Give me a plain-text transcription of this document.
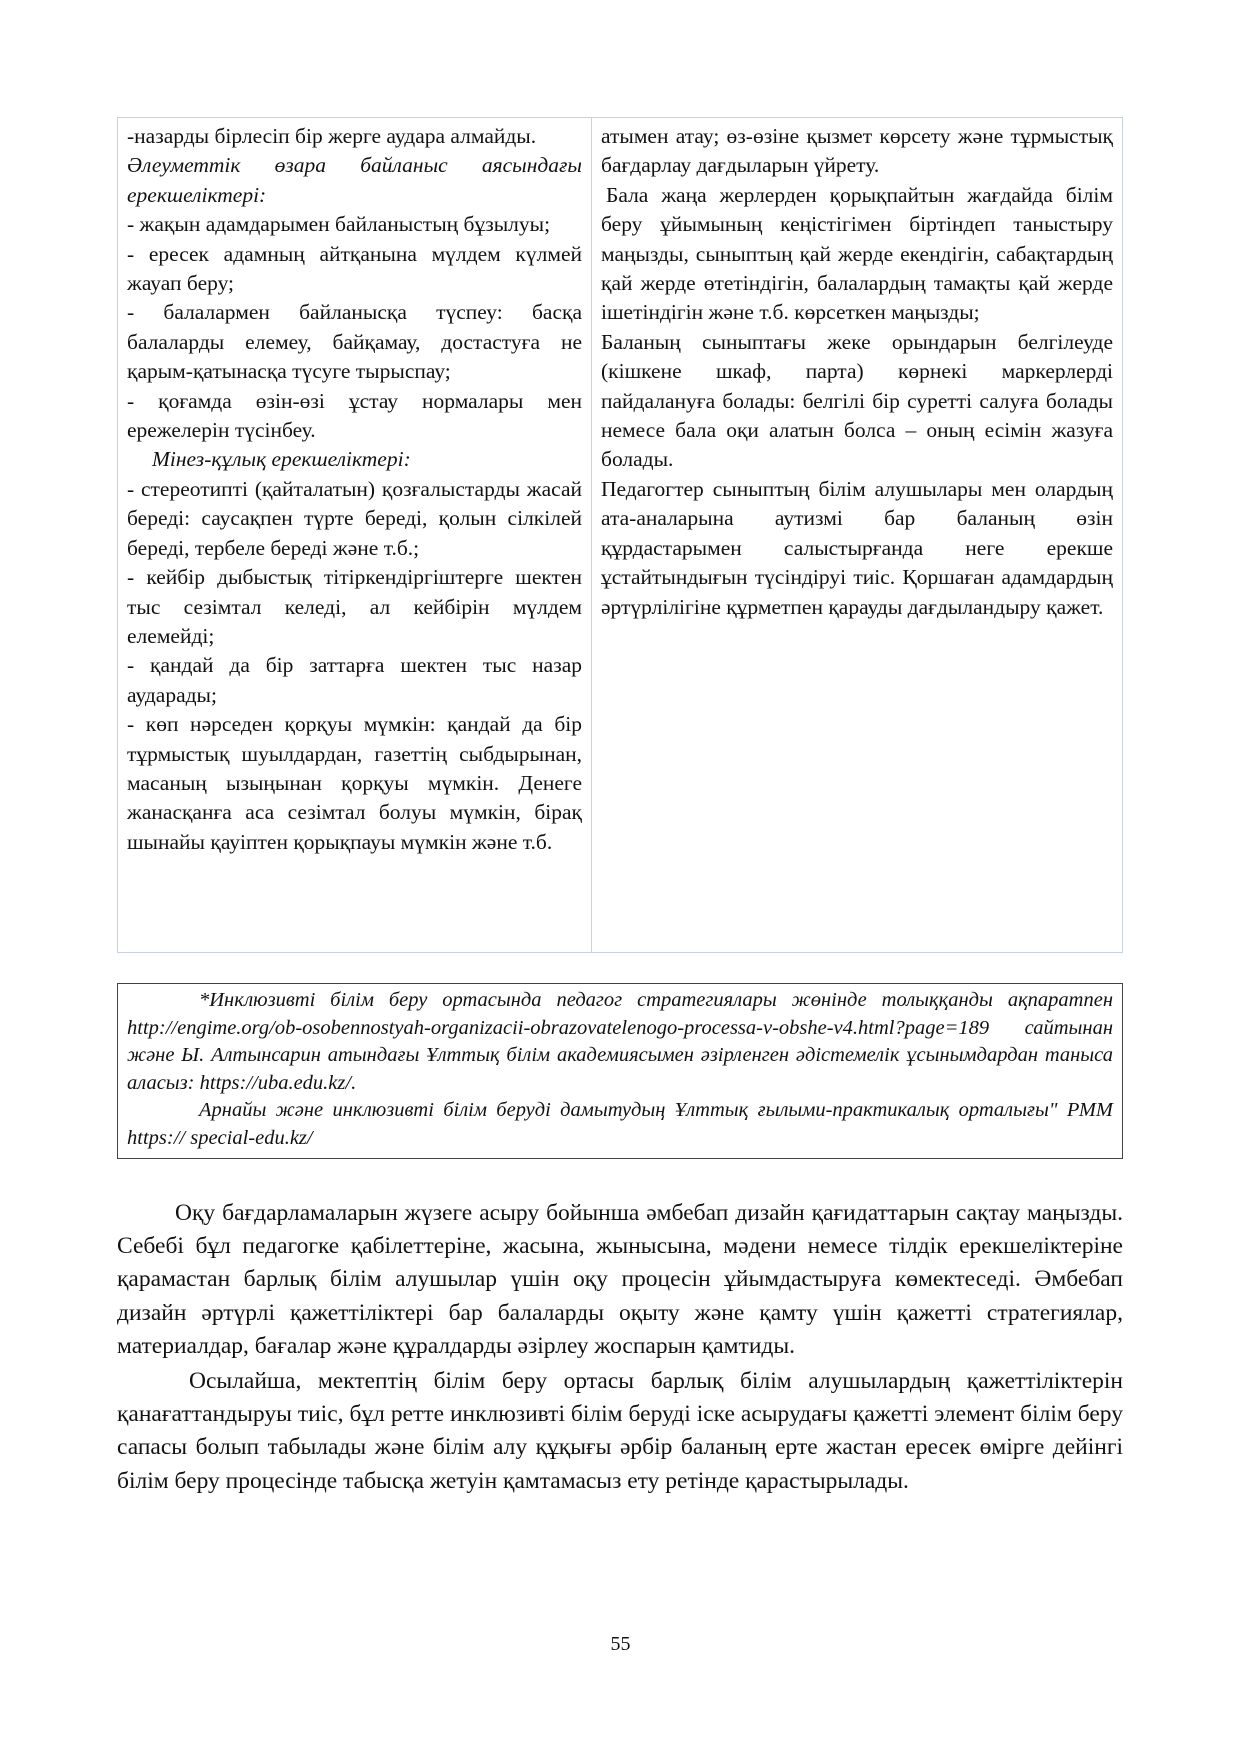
-назарды бірлесіп бір жерге аудара алмайды.

Әлеуметтік өзара байланыс аясындағы ерекшеліктері:

- жақын адамдарымен байланыстың бұзылуы;

- ересек адамның айтқанына мүлдем күлмей жауап беру;

- балалармен байланысқа түспеу: басқа балаларды елемеу, байқамау, достастуға не қарым-қатынасқа түсуге тырыспау;

- қоғамда өзін-өзі ұстау нормалары мен ережелерін түсінбеу.

Мінез-құлық ерекшеліктері:

- стереотипті (қайталатын) қозғалыстарды жасай береді: саусақпен түрте береді, қолын сілкілей береді, тербеле береді және т.б.;

- кейбір дыбыстық тітіркендіргіштерге шектен тыс сезімтал келеді, ал кейбірін мүлдем елемейді;

- қандай да бір заттарға шектен тыс назар аударады;

- көп нәрседен қорқуы мүмкін: қандай да бір тұрмыстық шуылдардан, газеттің сыбдырынан, масаның ызыңынан қорқуы мүмкін. Денеге жанасқанға аса сезімтал болуы мүмкін, бірақ шынайы қауіптен қорықпауы мүмкін және т.б.

атымен атау; өз-өзіне қызмет көрсету және тұрмыстық бағдарлау дағдыларын үйрету.

Бала жаңа жерлерден қорықпайтын жағдайда білім беру ұйымының кеңістігімен біртіндеп таныстыру маңызды, сыныптың қай жерде екендігін, сабақтардың қай жерде өтетіндігін, балалардың тамақты қай жерде ішетіндігін және т.б. көрсеткен маңызды;

Баланың сыныптағы жеке орындарын белгілеуде (кішкене шкаф, парта) көрнекі маркерлерді пайдалануға болады: белгілі бір суретті салуға болады немесе бала оқи алатын болса – оның есімін жазуға болады.

Педагогтер сыныптың білім алушылары мен олардың ата-аналарына аутизмі бар баланың өзін құрдастарымен салыстырғанда неге ерекше ұстайтындығын түсіндіруі тиіс. Қоршаған адамдардың әртүрлілігіне құрметпен қарауды дағдыландыру қажет.

*Инклюзивті білім беру ортасында педагог стратегиялары жөнінде толыққанды ақпаратпен http://engime.org/ob-osobennostyah-organizacii-obrazovatelenogo-processa-v-obshe-v4.html?page=189 сайтынан және Ы. Алтынсарин атындағы Ұлттық білім академиясымен әзірленген әдістемелік ұсынымдардан таныса аласыз: https://uba.edu.kz/.

Арнайы және инклюзивті білім беруді дамытудың Ұлттық ғылыми-практикалық орталығы" РММ https:// special-edu.kz/

Оқу бағдарламаларын жүзеге асыру бойынша әмбебап дизайн қағидаттарын сақтау маңызды. Себебі бұл педагогке қабілеттеріне, жасына, жынысына, мәдени немесе тілдік ерекшеліктеріне қарамастан барлық білім алушылар үшін оқу процесін ұйымдастыруға көмектеседі. Әмбебап дизайн әртүрлі қажеттіліктері бар балаларды оқыту және қамту үшін қажетті стратегиялар, материалдар, бағалар және құралдарды әзірлеу жоспарын қамтиды.

Осылайша, мектептің білім беру ортасы барлық білім алушылардың қажеттіліктерін қанағаттандыруы тиіс, бұл ретте инклюзивті білім беруді іске асырудағы қажетті элемент білім беру сапасы болып табылады және білім алу құқығы әрбір баланың ерте жастан ересек өмірге дейінгі білім беру процесінде табысқа жетуін қамтамасыз ету ретінде қарастырылады.

55
